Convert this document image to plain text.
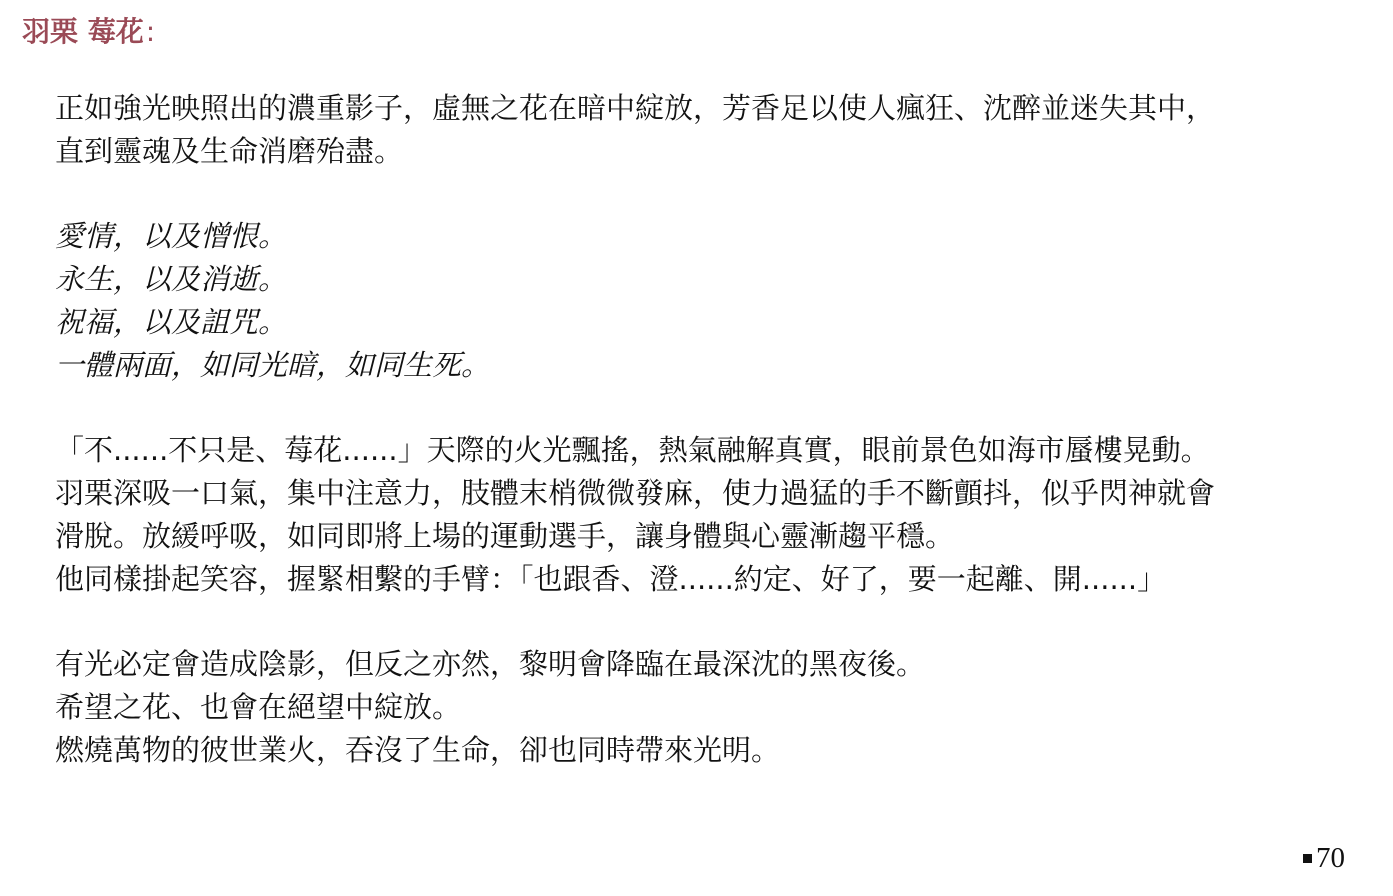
羽栗 莓花:
正如強光映照出的濃重影子，虛無之花在暗中綻放，芳香足以使人瘋狂、沈醉並迷失其中，
直到靈魂及生命消磨殆盡。
愛情，以及憎恨。
永生，以及消逝。
祝福，以及詛咒。
一體兩面，如同光暗，如同生死。
「不......不只是、莓花......」天際的火光飄搖，熱氣融解真實，眼前景色如海市蜃樓晃動。
羽栗深吸一口氣，集中注意力，肢體末梢微微發麻，使力過猛的手不斷顫抖，似乎閃神就會
滑脫。放緩呼吸，如同即將上場的運動選手，讓身體與心靈漸趨平穩。
他同樣掛起笑容，握緊相繫的手臂：「也跟香、澄......約定、好了，要一起離、開......」
有光必定會造成陰影，但反之亦然，黎明會降臨在最深沈的黑夜後。
希望之花、也會在絕望中綻放。
燃燒萬物的彼世業火，吞沒了生命，卻也同時帶來光明。
70
